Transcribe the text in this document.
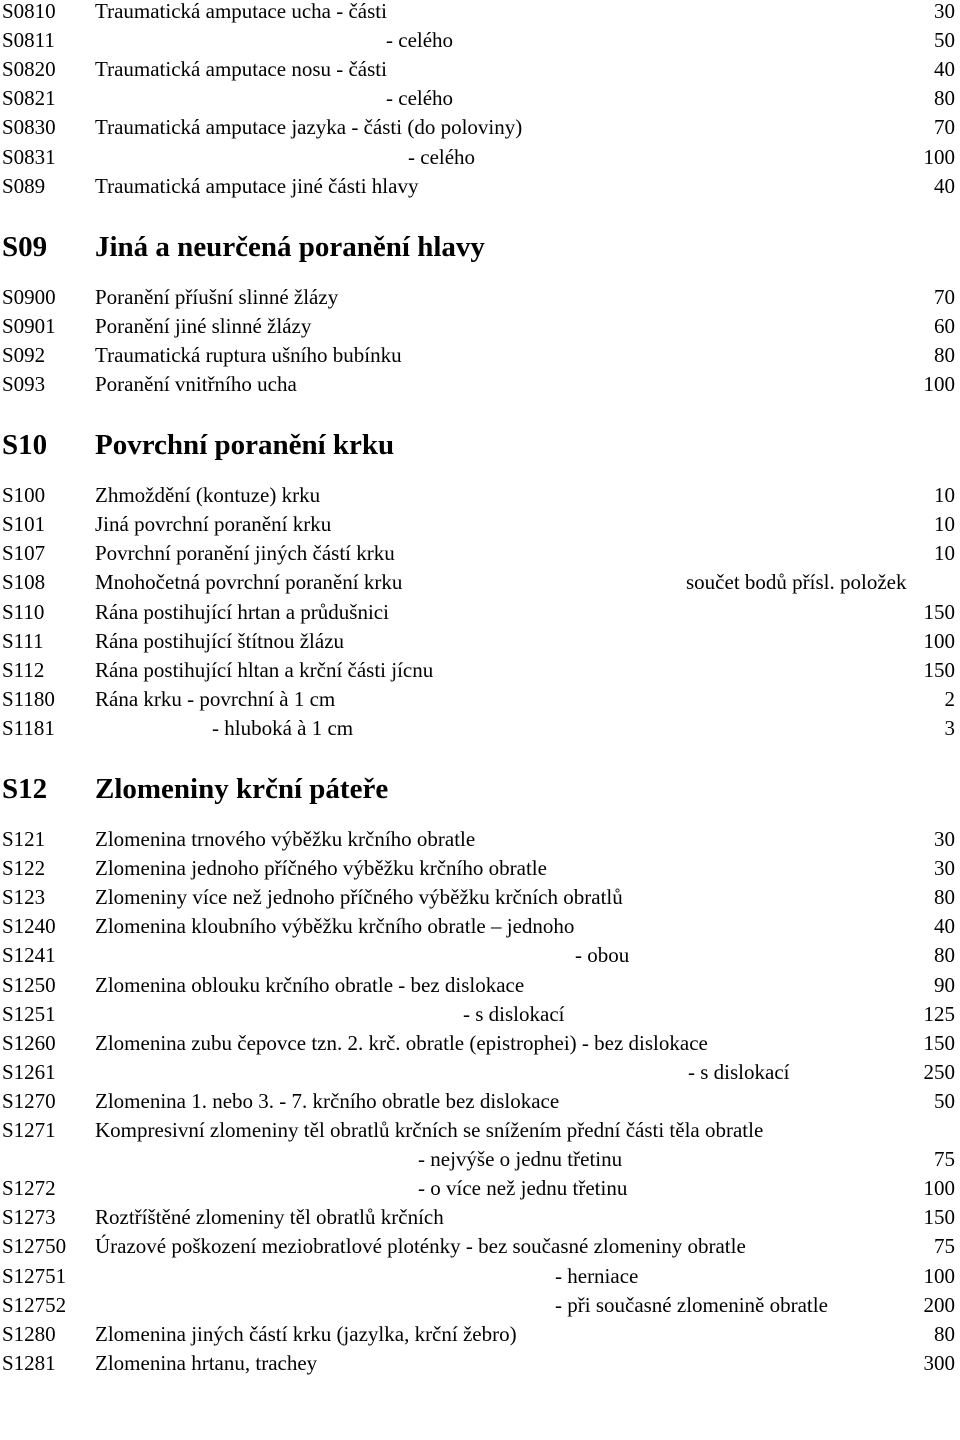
S0810 Traumatická amputace ucha - části	30
S0811	- celého	50
S0820 Traumatická amputace nosu - části	40
S0821	- celého	80
S0830 Traumatická amputace jazyka - části (do poloviny)	70
S0831	- celého	100
S089 Traumatická amputace jiné části hlavy	40
S09 Jiná a neurčená poranění hlavy
S0900 Poranění příušní slinné žlázy	70
S0901 Poranění jiné slinné žlázy	60
S092 Traumatická ruptura ušního bubínku	80
S093 Poranění vnitřního ucha	100
S10 Povrchní poranění krku
S100 Zhmoždění (kontuze) krku	10
S101 Jiná povrchní poranění krku	10
S107 Povrchní poranění jiných částí krku	10
S108 Mnohočetná povrchní poranění krku	součet bodů přísl. položek
S110 Rána postihující hrtan a průdušnici	150
S111 Rána postihující štítnou žlázu	100
S112 Rána postihující hltan a krční části jícnu	150
S1180 Rána krku - povrchní à 1 cm	2
S1181	- hluboká à 1 cm	3
S12 Zlomeniny krční páteře
S121 Zlomenina trnového výběžku krčního obratle	30
S122 Zlomenina jednoho příčného výběžku krčního obratle	30
S123 Zlomeniny více než jednoho příčného výběžku krčních obratlů	80
S1240 Zlomenina kloubního výběžku krčního obratle – jednoho	40
S1241	- obou	80
S1250 Zlomenina oblouku krčního obratle - bez dislokace	90
S1251	- s dislokací	125
S1260 Zlomenina zubu čepovce tzn. 2. krč. obratle (epistrophei) - bez dislokace	150
S1261	- s dislokací	250
S1270 Zlomenina 1. nebo 3. - 7. krčního obratle bez dislokace	50
S1271 Kompresivní zlomeniny těl obratlů krčních se snížením přední části těla obratle
- nejvýše o jednu třetinu	75
S1272	- o více než jednu třetinu	100
S1273 Roztříštěné zlomeniny těl obratlů krčních	150
S12750 Úrazové poškození meziobratlové ploténky - bez současné zlomeniny obratle	75
S12751	- herniace	100
S12752	- při současné zlomenině obratle	200
S1280 Zlomenina jiných částí krku (jazylka, krční žebro)	80
S1281 Zlomenina hrtanu, trachey	300
